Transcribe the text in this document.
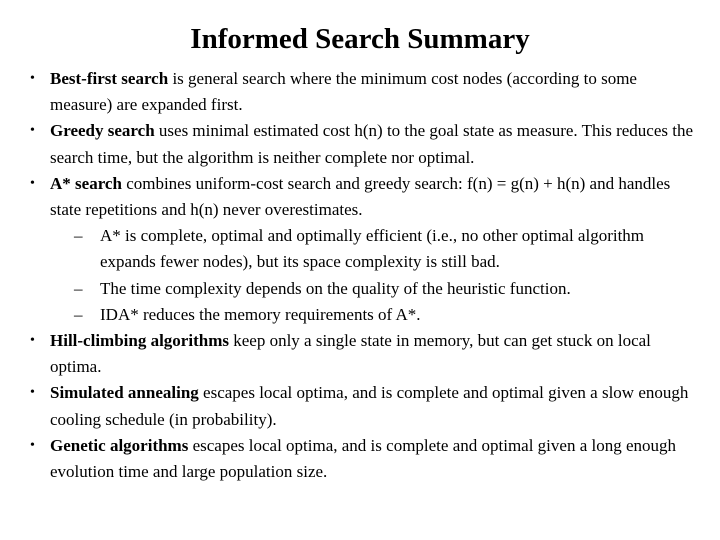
Informed Search Summary
• Best-first search is general search where the minimum cost nodes (according to some measure) are expanded first.
• Greedy search uses minimal estimated cost h(n) to the goal state as measure. This reduces the search time, but the algorithm is neither complete nor optimal.
• A* search combines uniform-cost search and greedy search: f(n) = g(n) + h(n) and handles state repetitions and h(n) never overestimates.
– A* is complete, optimal and optimally efficient (i.e., no other optimal algorithm expands fewer nodes), but its space complexity is still bad.
– The time complexity depends on the quality of the heuristic function.
– IDA* reduces the memory requirements of A*.
• Hill-climbing algorithms keep only a single state in memory, but can get stuck on local optima.
• Simulated annealing escapes local optima, and is complete and optimal given a slow enough cooling schedule (in probability).
• Genetic algorithms escapes local optima, and is complete and optimal given a long enough evolution time and large population size.
